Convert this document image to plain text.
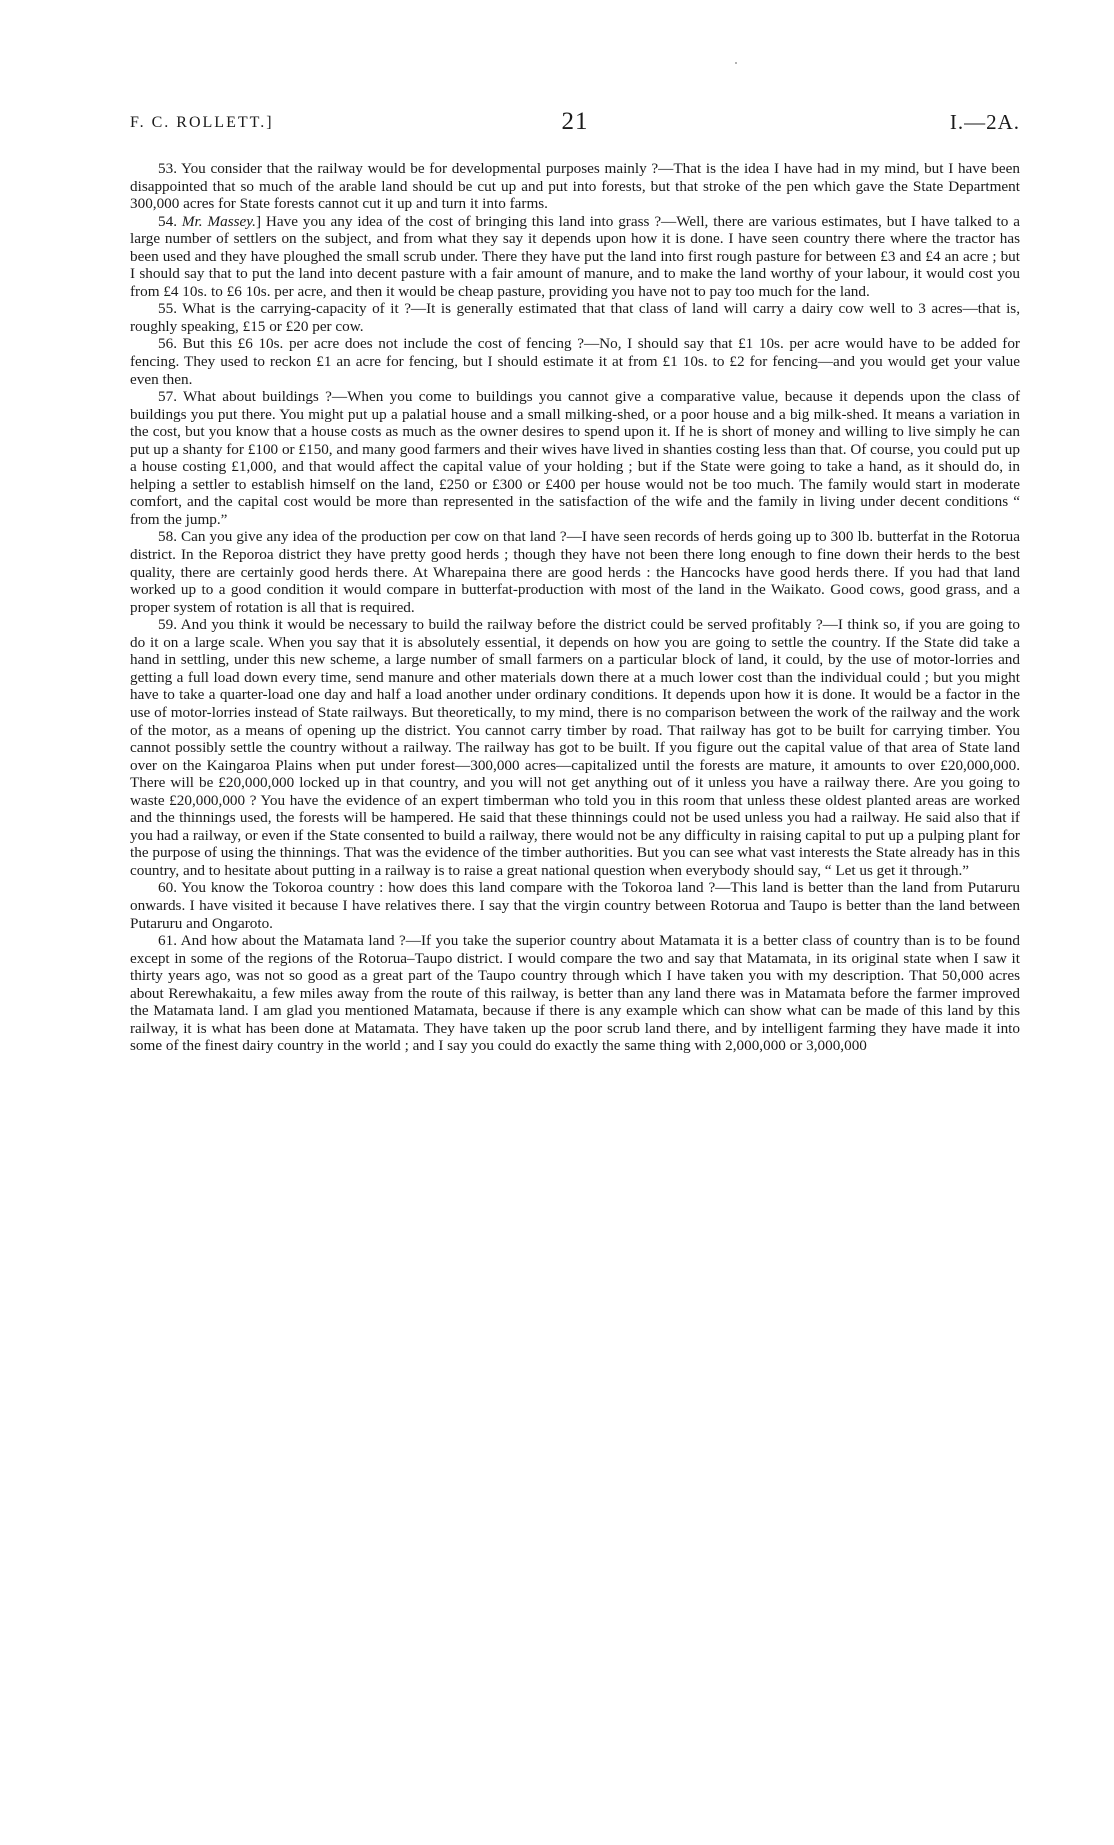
F. C. ROLLETT.]	21	I.—2A.

53. You consider that the railway would be for developmental purposes mainly ?—That is the idea I have had in my mind, but I have been disappointed that so much of the arable land should be cut up and put into forests, but that stroke of the pen which gave the State Department 300,000 acres for State forests cannot cut it up and turn it into farms.

54. Mr. Massey.] Have you any idea of the cost of bringing this land into grass ?—Well, there are various estimates, but I have talked to a large number of settlers on the subject, and from what they say it depends upon how it is done. I have seen country there where the tractor has been used and they have ploughed the small scrub under. There they have put the land into first rough pasture for between £3 and £4 an acre ; but I should say that to put the land into decent pasture with a fair amount of manure, and to make the land worthy of your labour, it would cost you from £4 10s. to £6 10s. per acre, and then it would be cheap pasture, providing you have not to pay too much for the land.

55. What is the carrying-capacity of it ?—It is generally estimated that that class of land will carry a dairy cow well to 3 acres—that is, roughly speaking, £15 or £20 per cow.

56. But this £6 10s. per acre does not include the cost of fencing ?—No, I should say that £1 10s. per acre would have to be added for fencing. They used to reckon £1 an acre for fencing, but I should estimate it at from £1 10s. to £2 for fencing—and you would get your value even then.

57. What about buildings ?—When you come to buildings you cannot give a comparative value, because it depends upon the class of buildings you put there. You might put up a palatial house and a small milking-shed, or a poor house and a big milk-shed. It means a variation in the cost, but you know that a house costs as much as the owner desires to spend upon it. If he is short of money and willing to live simply he can put up a shanty for £100 or £150, and many good farmers and their wives have lived in shanties costing less than that. Of course, you could put up a house costing £1,000, and that would affect the capital value of your holding ; but if the State were going to take a hand, as it should do, in helping a settler to establish himself on the land, £250 or £300 or £400 per house would not be too much. The family would start in moderate comfort, and the capital cost would be more than represented in the satisfaction of the wife and the family in living under decent conditions “ from the jump.”

58. Can you give any idea of the production per cow on that land ?—I have seen records of herds going up to 300 lb. butterfat in the Rotorua district. In the Reporoa district they have pretty good herds ; though they have not been there long enough to fine down their herds to the best quality, there are certainly good herds there. At Wharepaina there are good herds : the Hancocks have good herds there. If you had that land worked up to a good condition it would compare in butterfat-production with most of the land in the Waikato. Good cows, good grass, and a proper system of rotation is all that is required.

59. And you think it would be necessary to build the railway before the district could be served profitably ?—I think so, if you are going to do it on a large scale. When you say that it is absolutely essential, it depends on how you are going to settle the country. If the State did take a hand in settling, under this new scheme, a large number of small farmers on a particular block of land, it could, by the use of motor-lorries and getting a full load down every time, send manure and other materials down there at a much lower cost than the individual could ; but you might have to take a quarter-load one day and half a load another under ordinary conditions. It depends upon how it is done. It would be a factor in the use of motor-lorries instead of State railways. But theoretically, to my mind, there is no comparison between the work of the railway and the work of the motor, as a means of opening up the district. You cannot carry timber by road. That railway has got to be built for carrying timber. You cannot possibly settle the country without a railway. The railway has got to be built. If you figure out the capital value of that area of State land over on the Kaingaroa Plains when put under forest—300,000 acres—capitalized until the forests are mature, it amounts to over £20,000,000. There will be £20,000,000 locked up in that country, and you will not get anything out of it unless you have a railway there. Are you going to waste £20,000,000 ? You have the evidence of an expert timberman who told you in this room that unless these oldest planted areas are worked and the thinnings used, the forests will be hampered. He said that these thinnings could not be used unless you had a railway. He said also that if you had a railway, or even if the State consented to build a railway, there would not be any difficulty in raising capital to put up a pulping plant for the purpose of using the thinnings. That was the evidence of the timber authorities. But you can see what vast interests the State already has in this country, and to hesitate about putting in a railway is to raise a great national question when everybody should say, “ Let us get it through.”

60. You know the Tokoroa country : how does this land compare with the Tokoroa land ?—This land is better than the land from Putaruru onwards. I have visited it because I have relatives there. I say that the virgin country between Rotorua and Taupo is better than the land between Putaruru and Ongaroto.

61. And how about the Matamata land ?—If you take the superior country about Matamata it is a better class of country than is to be found except in some of the regions of the Rotorua–Taupo district. I would compare the two and say that Matamata, in its original state when I saw it thirty years ago, was not so good as a great part of the Taupo country through which I have taken you with my description. That 50,000 acres about Rerewhakaitu, a few miles away from the route of this railway, is better than any land there was in Matamata before the farmer improved the Matamata land. I am glad you mentioned Matamata, because if there is any example which can show what can be made of this land by this railway, it is what has been done at Matamata. They have taken up the poor scrub land there, and by intelligent farming they have made it into some of the finest dairy country in the world ; and I say you could do exactly the same thing with 2,000,000 or 3,000,000
